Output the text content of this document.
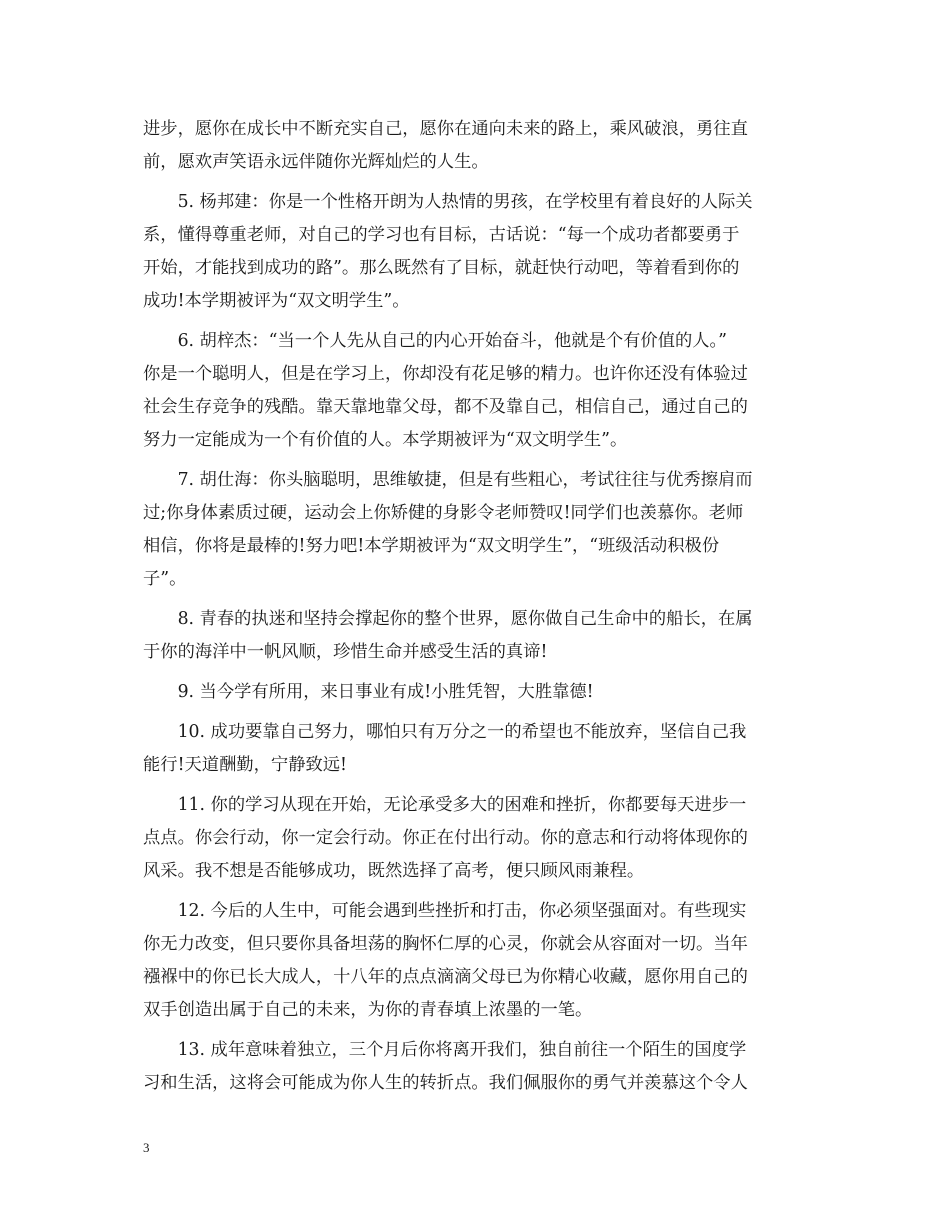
进步，愿你在成长中不断充实自己，愿你在通向未来的路上，乘风破浪，勇往直
前，愿欢声笑语永远伴随你光辉灿烂的人生。
　　5. 杨邦建：你是一个性格开朗为人热情的男孩，在学校里有着良好的人际关
系，懂得尊重老师，对自己的学习也有目标，古话说：“每一个成功者都要勇于
开始，才能找到成功的路”。那么既然有了目标，就赶快行动吧，等着看到你的
成功!本学期被评为“双文明学生”。
　　6. 胡梓杰：“当一个人先从自己的内心开始奋斗，他就是个有价值的人。”
你是一个聪明人，但是在学习上，你却没有花足够的精力。也许你还没有体验过
社会生存竞争的残酷。靠天靠地靠父母，都不及靠自己，相信自己，通过自己的
努力一定能成为一个有价值的人。本学期被评为“双文明学生”。
　　7. 胡仕海：你头脑聪明，思维敏捷，但是有些粗心，考试往往与优秀擦肩而
过;你身体素质过硬，运动会上你矫健的身影令老师赞叹!同学们也羡慕你。老师
相信，你将是最棒的!努力吧!本学期被评为“双文明学生”，“班级活动积极份
子”。
　　8. 青春的执迷和坚持会撑起你的整个世界，愿你做自己生命中的船长，在属
于你的海洋中一帆风顺，珍惜生命并感受生活的真谛!
　　9. 当今学有所用，来日事业有成!小胜凭智，大胜靠德!
　　10. 成功要靠自己努力，哪怕只有万分之一的希望也不能放弃，坚信自己我
能行!天道酬勤，宁静致远!
　　11. 你的学习从现在开始，无论承受多大的困难和挫折，你都要每天进步一
点点。你会行动，你一定会行动。你正在付出行动。你的意志和行动将体现你的
风采。我不想是否能够成功，既然选择了高考，便只顾风雨兼程。
　　12. 今后的人生中，可能会遇到些挫折和打击，你必须坚强面对。有些现实
你无力改变，但只要你具备坦荡的胸怀仁厚的心灵，你就会从容面对一切。当年
襁褓中的你已长大成人，十八年的点点滴滴父母已为你精心收藏，愿你用自己的
双手创造出属于自己的未来，为你的青春填上浓墨的一笔。
　　13. 成年意味着独立，三个月后你将离开我们，独自前往一个陌生的国度学
习和生活，这将会可能成为你人生的转折点。我们佩服你的勇气并羡慕这个令人
3
